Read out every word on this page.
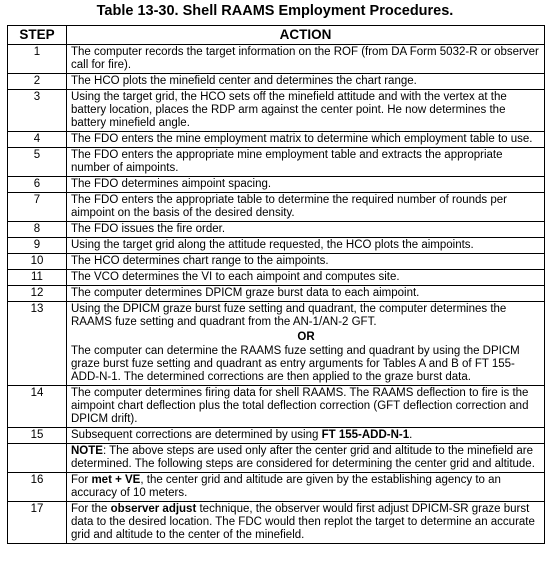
Table 13-30. Shell RAAMS Employment Procedures.
STEP	ACTION
1	The computer records the target information on the ROF (from DA Form 5032-R or observer call for fire).
2	The HCO plots the minefield center and determines the chart range.
3	Using the target grid, the HCO sets off the minefield attitude and with the vertex at the battery location, places the RDP arm against the center point. He now determines the battery minefield angle.
4	The FDO enters the mine employment matrix to determine which employment table to use.
5	The FDO enters the appropriate mine employment table and extracts the appropriate number of aimpoints.
6	The FDO determines aimpoint spacing.
7	The FDO enters the appropriate table to determine the required number of rounds per aimpoint on the basis of the desired density.
8	The FDO issues the fire order.
9	Using the target grid along the attitude requested, the HCO plots the aimpoints.
10	The HCO determines chart range to the aimpoints.
11	The VCO determines the VI to each aimpoint and computes site.
12	The computer determines DPICM graze burst data to each aimpoint.
13	Using the DPICM graze burst fuze setting and quadrant, the computer determines the RAAMS fuze setting and quadrant from the AN-1/AN-2 GFT.
OR
The computer can determine the RAAMS fuze setting and quadrant by using the DPICM graze burst fuze setting and quadrant as entry arguments for Tables A and B of FT 155-ADD-N-1. The determined corrections are then applied to the graze burst data.

14	The computer determines firing data for shell RAAMS. The RAAMS deflection to fire is the aimpoint chart deflection plus the total deflection correction (GFT deflection correction and DPICM drift).
15	Subsequent corrections are determined by using FT 155-ADD-N-1.
	NOTE: The above steps are used only after the center grid and altitude to the minefield are determined. The following steps are considered for determining the center grid and altitude.
16	For met + VE, the center grid and altitude are given by the establishing agency to an accuracy of 10 meters.
17	For the observer adjust technique, the observer would first adjust DPICM-SR graze burst data to the desired location. The FDC would then replot the target to determine an accurate grid and altitude to the center of the minefield.
